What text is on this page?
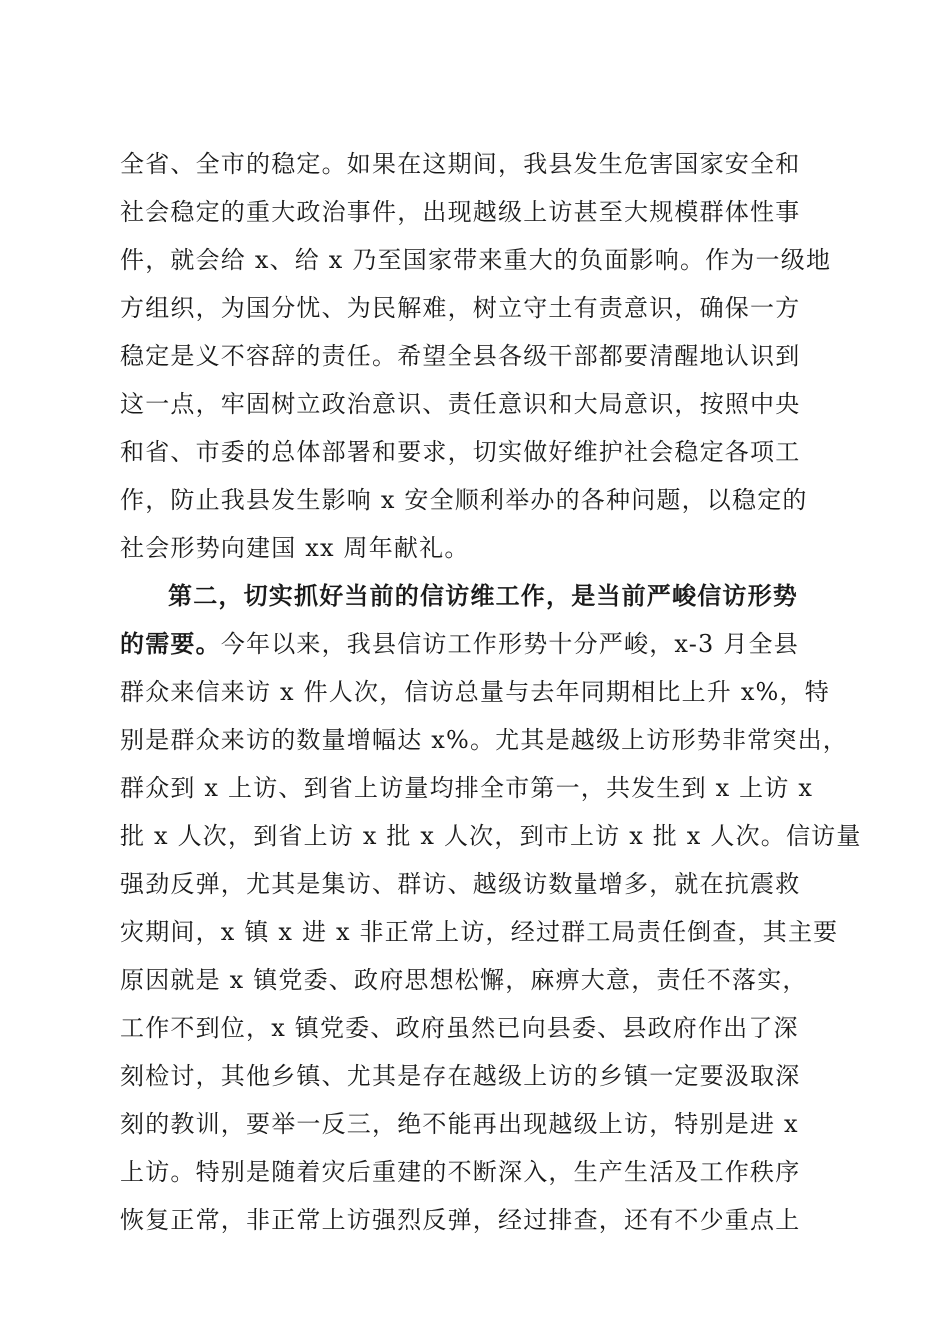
全省、全市的稳定。如果在这期间，我县发生危害国家安全和
社会稳定的重大政治事件，出现越级上访甚至大规模群体性事
件，就会给 x、给 x 乃至国家带来重大的负面影响。作为一级地
方组织，为国分忧、为民解难，树立守土有责意识，确保一方
稳定是义不容辞的责任。希望全县各级干部都要清醒地认识到
这一点，牢固树立政治意识、责任意识和大局意识，按照中央
和省、市委的总体部署和要求，切实做好维护社会稳定各项工
作，防止我县发生影响 x 安全顺利举办的各种问题，以稳定的
社会形势向建国 xx 周年献礼。
第二，切实抓好当前的信访维工作，是当前严峻信访形势
的需要。今年以来，我县信访工作形势十分严峻，x-3 月全县
群众来信来访 x 件人次，信访总量与去年同期相比上升 x%，特
别是群众来访的数量增幅达 x%。尤其是越级上访形势非常突出，
群众到 x 上访、到省上访量均排全市第一，共发生到 x 上访 x
批 x 人次，到省上访 x 批 x 人次，到市上访 x 批 x 人次。信访量
强劲反弹，尤其是集访、群访、越级访数量增多，就在抗震救
灾期间，x 镇 x 进 x 非正常上访，经过群工局责任倒查，其主要
原因就是 x 镇党委、政府思想松懈，麻痹大意，责任不落实，
工作不到位，x 镇党委、政府虽然已向县委、县政府作出了深
刻检讨，其他乡镇、尤其是存在越级上访的乡镇一定要汲取深
刻的教训，要举一反三，绝不能再出现越级上访，特别是进 x
上访。特别是随着灾后重建的不断深入，生产生活及工作秩序
恢复正常，非正常上访强烈反弹，经过排查，还有不少重点上
